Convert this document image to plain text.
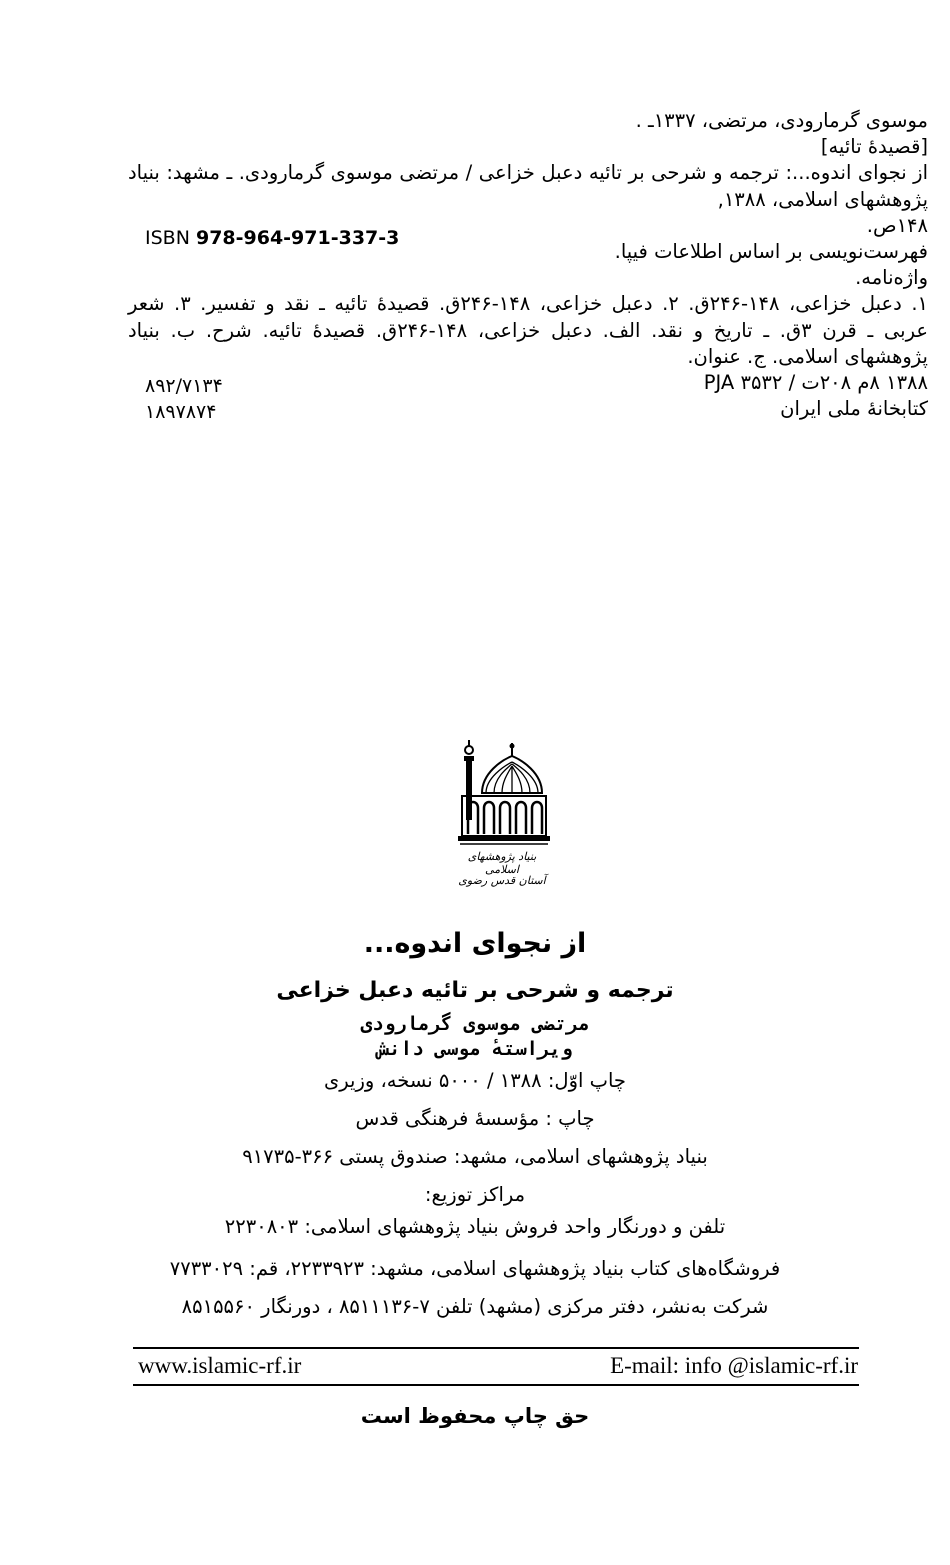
موسوی گرمارودی، مرتضی، ۱۳۳۷ـ .
[قصیدهٔ تائیه]
از نجوای اندوه...: ترجمه و شرحی بر تائیه دعبل خزاعی / مرتضی موسوی گرمارودی. ـ مشهد: بنیاد
پژوهشهای اسلامی، ۱۳۸۸,
۱۴۸ص.
فهرست‌نویسی بر اساس اطلاعات فیپا.
واژه‌نامه.
۱. دعبل خزاعی، ۱۴۸-۲۴۶ق. ۲. دعبل خزاعی، ۱۴۸-۲۴۶ق. قصیدهٔ تائیه ـ نقد و تفسیر. ۳. شعر
عربی ـ قرن ۳ق. ـ تاریخ و نقد. الف. دعبل خزاعی، ۱۴۸-۲۴۶ق. قصیدهٔ تائیه. شرح. ب. بنیاد
پژوهشهای اسلامی. ج. عنوان.
۱۳۸۸ ۸م ۲۰۸ت / ۳۵۳۲ PJA
کتابخانهٔ ملی ایران
ISBN 978-964-971-337-3
۸۹۲/۷۱۳۴
۱۸۹۷۸۷۴
بنیاد پژوهشهای اسلامی
آستان قدس رضوی
از نجوای اندوه...
ترجمه و شرحی بر تائیه دعبل خزاعی
مرتضی موسوی گرمارودی
ویراستهٔ موسی دانش
چاپ اوّل: ۱۳۸۸ / ۵۰۰۰ نسخه، وزیری
چاپ : مؤسسهٔ فرهنگی قدس
بنیاد پژوهشهای اسلامی، مشهد: صندوق پستی ۳۶۶-۹۱۷۳۵
مراکز توزیع:
تلفن و دورنگار واحد فروش بنیاد پژوهشهای اسلامی: ۲۲۳۰۸۰۳
فروشگاه‌های کتاب بنیاد پژوهشهای اسلامی، مشهد: ۲۲۳۳۹۲۳، قم: ۷۷۳۳۰۲۹
شرکت به‌نشر، دفتر مرکزی (مشهد) تلفن ۷-۸۵۱۱۱۳۶ ، دورنگار ۸۵۱۵۵۶۰
www.islamic-rf.ir	E-mail: info @islamic-rf.ir
حق چاپ محفوظ است
